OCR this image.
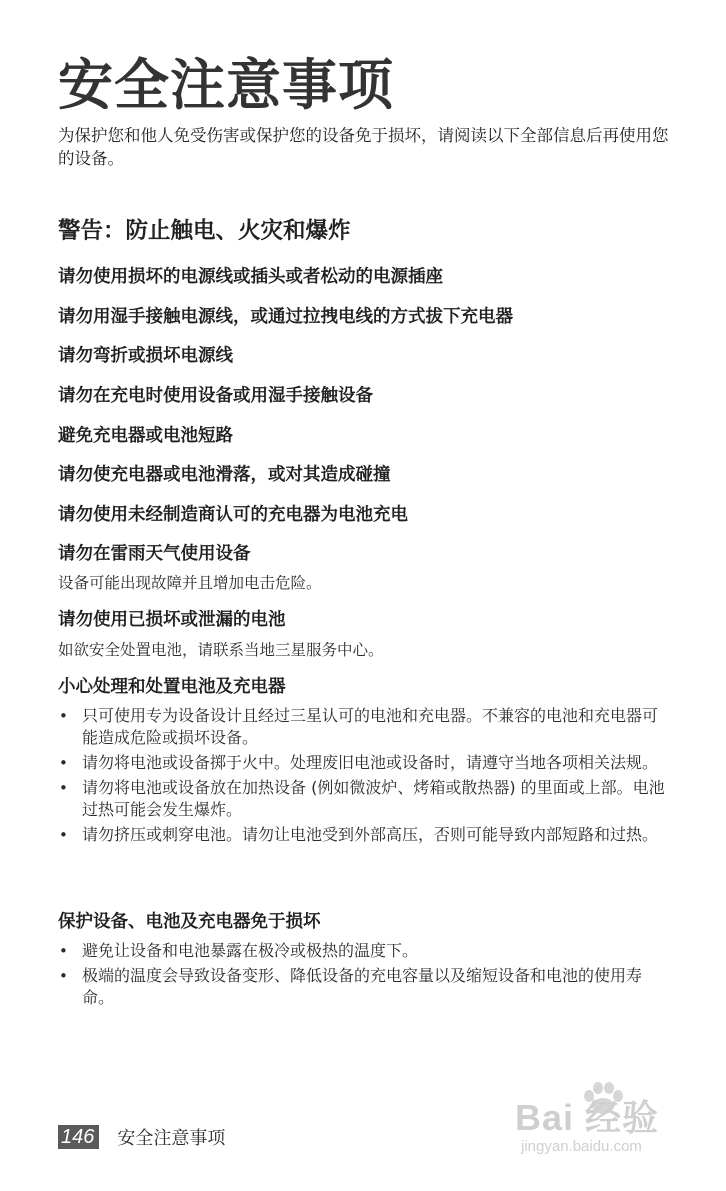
安全注意事项
为保护您和他人免受伤害或保护您的设备免于损坏，请阅读以下全部信息后再使用您的设备。
警告：防止触电、火灾和爆炸
请勿使用损坏的电源线或插头或者松动的电源插座
请勿用湿手接触电源线，或通过拉拽电线的方式拔下充电器
请勿弯折或损坏电源线
请勿在充电时使用设备或用湿手接触设备
避免充电器或电池短路
请勿使充电器或电池滑落，或对其造成碰撞
请勿使用未经制造商认可的充电器为电池充电
请勿在雷雨天气使用设备
设备可能出现故障并且增加电击危险。
请勿使用已损坏或泄漏的电池
如欲安全处置电池，请联系当地三星服务中心。
小心处理和处置电池及充电器
• 只可使用专为设备设计且经过三星认可的电池和充电器。不兼容的电池和充电器可能造成危险或损坏设备。
• 请勿将电池或设备掷于火中。处理废旧电池或设备时，请遵守当地各项相关法规。
• 请勿将电池或设备放在加热设备 (例如微波炉、烤箱或散热器) 的里面或上部。电池过热可能会发生爆炸。
• 请勿挤压或刺穿电池。请勿让电池受到外部高压，否则可能导致内部短路和过热。
保护设备、电池及充电器免于损坏
• 避免让设备和电池暴露在极冷或极热的温度下。
• 极端的温度会导致设备变形、降低设备的充电容量以及缩短设备和电池的使用寿命。
146 安全注意事项	Bai 经验
jingyan.baidu.com
